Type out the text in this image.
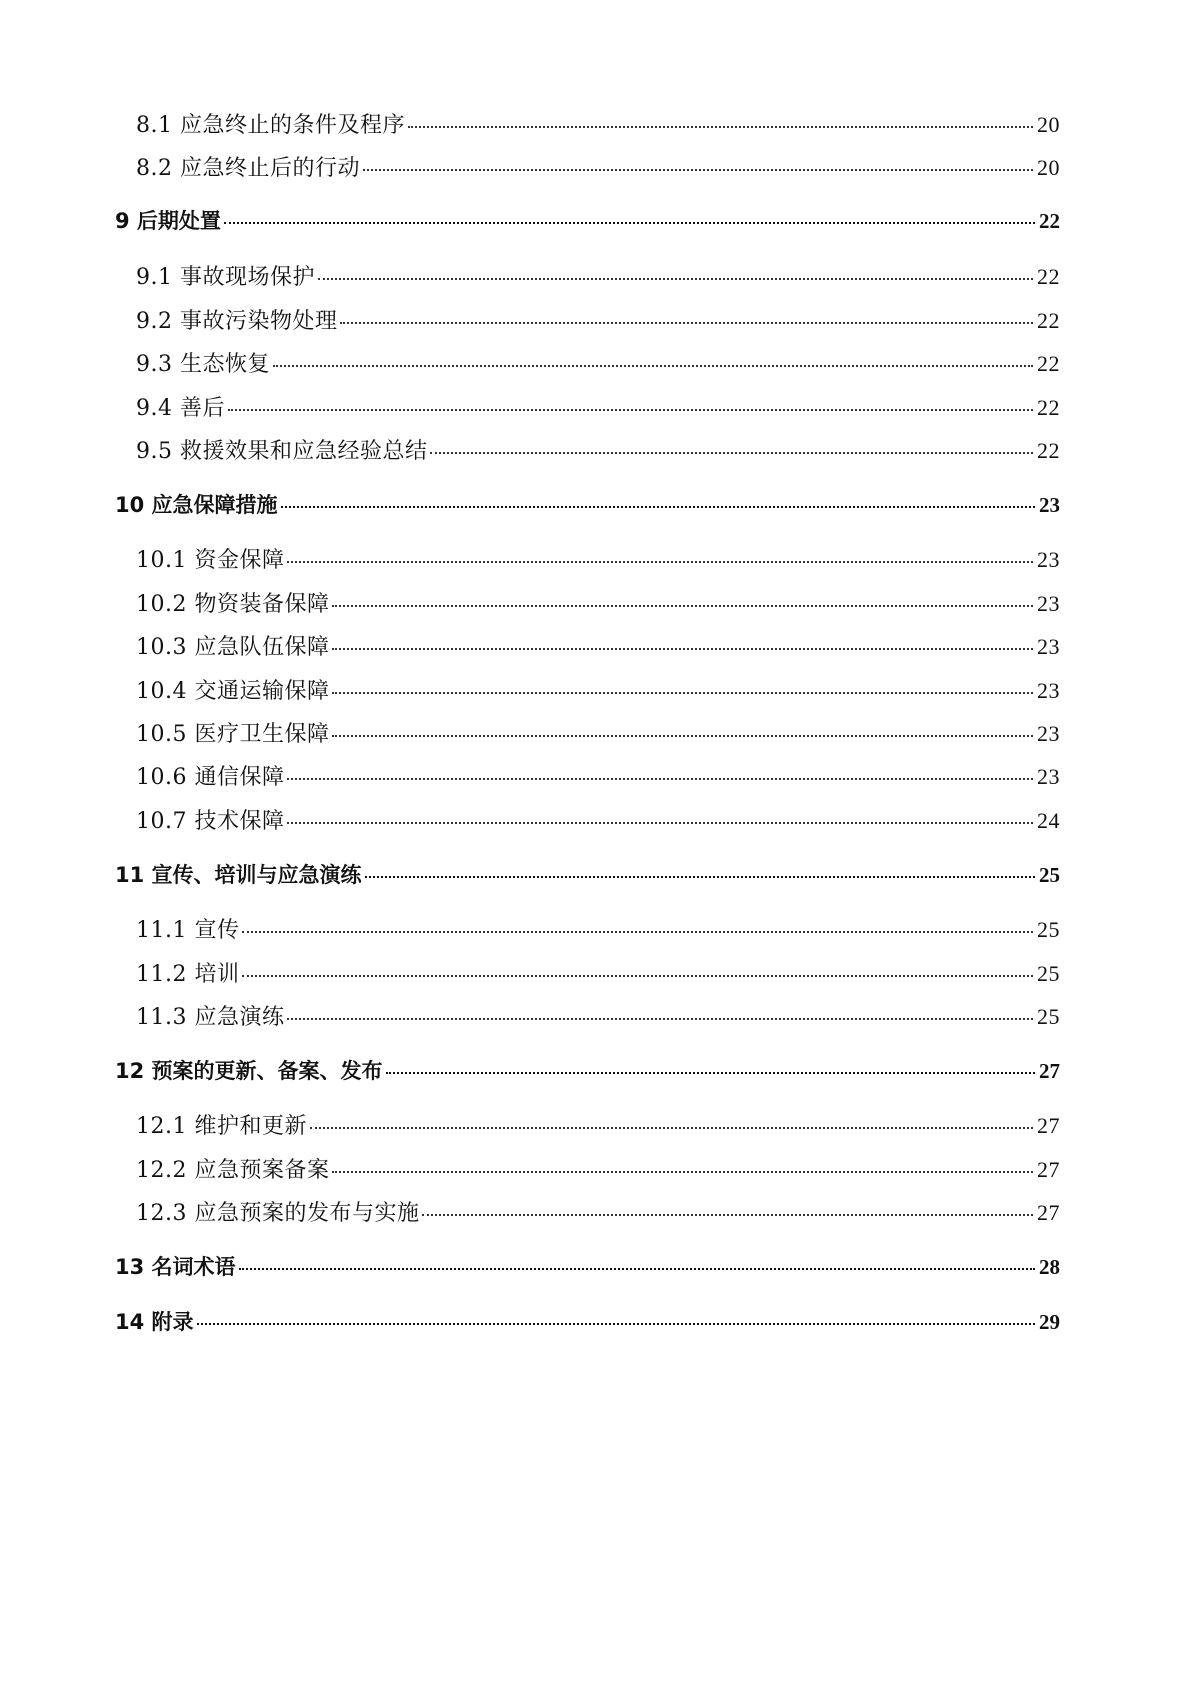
8.1 应急终止的条件及程序	20
8.2 应急终止后的行动	20
9 后期处置	22
9.1 事故现场保护	22
9.2 事故污染物处理	22
9.3 生态恢复	22
9.4 善后	22
9.5 救援效果和应急经验总结	22
10 应急保障措施	23
10.1 资金保障	23
10.2 物资装备保障	23
10.3 应急队伍保障	23
10.4 交通运输保障	23
10.5 医疗卫生保障	23
10.6 通信保障	23
10.7 技术保障	24
11 宣传、培训与应急演练	25
11.1 宣传	25
11.2 培训	25
11.3 应急演练	25
12 预案的更新、备案、发布	27
12.1 维护和更新	27
12.2 应急预案备案	27
12.3 应急预案的发布与实施	27
13 名词术语	28
14 附录	29
